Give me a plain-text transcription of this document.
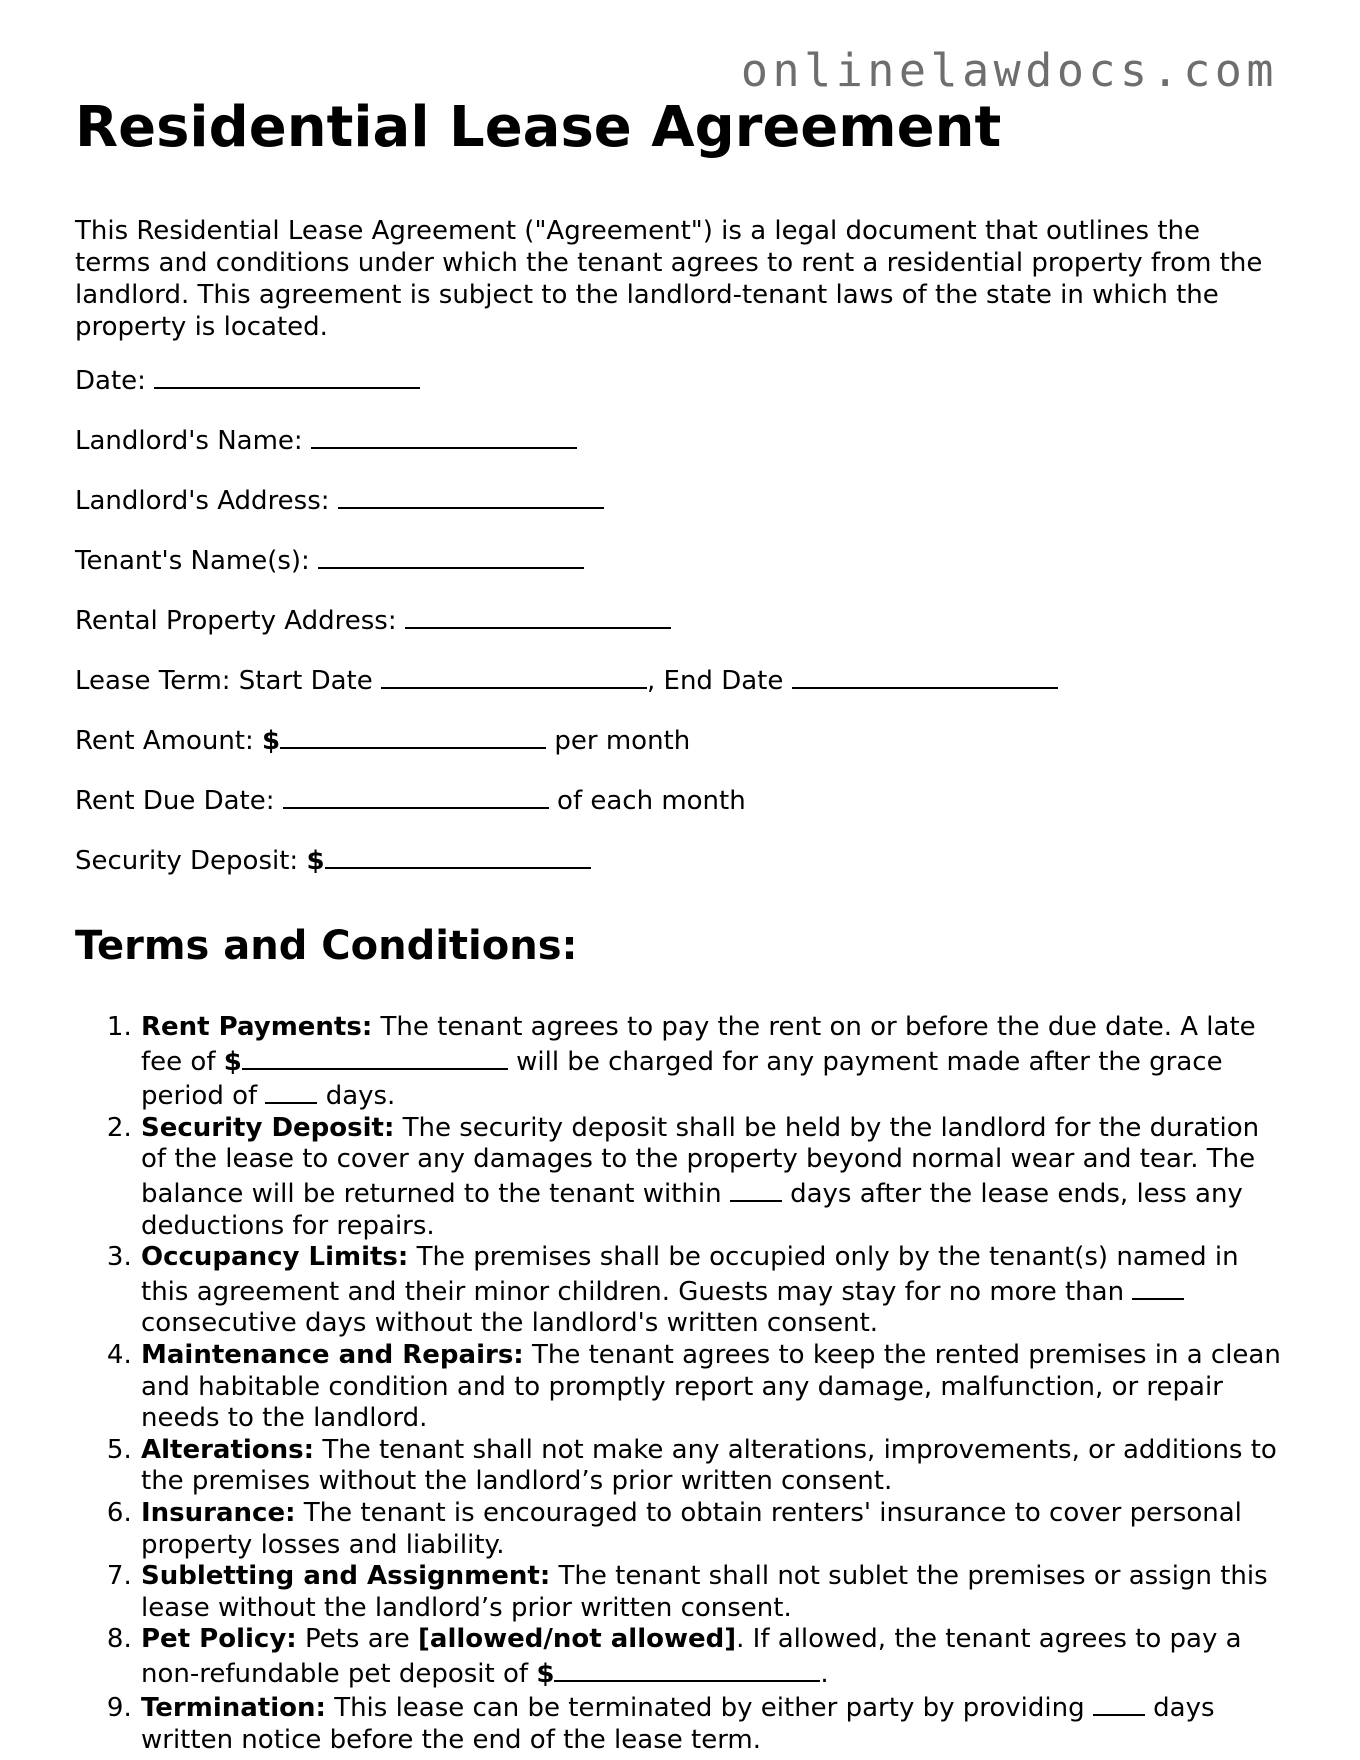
onlinelawdocs.com
Residential Lease Agreement

This Residential Lease Agreement ("Agreement") is a legal document that outlines the terms and conditions under which the tenant agrees to rent a residential property from the landlord. This agreement is subject to the landlord-tenant laws of the state in which the property is located.

Date:
Landlord's Name:
Landlord's Address:
Tenant's Name(s):
Rental Property Address:
Lease Term: Start Date	, End Date
Rent Amount: $	per month
Rent Due Date:	of each month
Security Deposit: $
Terms and Conditions:
1. Rent Payments: The tenant agrees to pay the rent on or before the due date. A late fee of $	will be charged for any payment made after the grace period of	days.
2. Security Deposit: The security deposit shall be held by the landlord for the duration of the lease to cover any damages to the property beyond normal wear and tear. The balance will be returned to the tenant within	days after the lease ends, less any deductions for repairs.
3. Occupancy Limits: The premises shall be occupied only by the tenant(s) named in this agreement and their minor children. Guests may stay for no more than  consecutive days without the landlord's written consent.
4. Maintenance and Repairs: The tenant agrees to keep the rented premises in a clean and habitable condition and to promptly report any damage, malfunction, or repair needs to the landlord.
5. Alterations: The tenant shall not make any alterations, improvements, or additions to the premises without the landlord’s prior written consent.
6. Insurance: The tenant is encouraged to obtain renters' insurance to cover personal property losses and liability.
7. Subletting and Assignment: The tenant shall not sublet the premises or assign this lease without the landlord’s prior written consent.
8. Pet Policy: Pets are [allowed/not allowed]. If allowed, the tenant agrees to pay a non-refundable pet deposit of $	.
9. Termination: This lease can be terminated by either party by providing	days written notice before the end of the lease term.
